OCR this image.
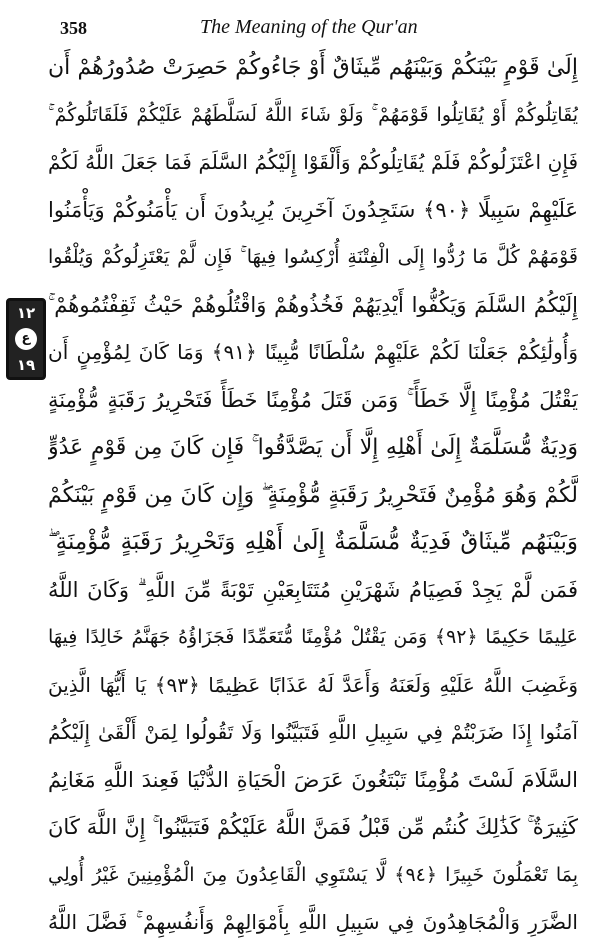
358	The Meaning of the Qur'an
١٢
ع
١٩
إِلَىٰ قَوْمٍ بَيْنَكُمْ وَبَيْنَهُم مِّيثَاقٌ أَوْ جَاءُوكُمْ حَصِرَتْ صُدُورُهُمْ أَن
يُقَاتِلُوكُمْ أَوْ يُقَاتِلُوا قَوْمَهُمْ ۚ وَلَوْ شَاءَ اللَّهُ لَسَلَّطَهُمْ عَلَيْكُمْ فَلَقَاتَلُوكُمْ ۚ
فَإِنِ اعْتَزَلُوكُمْ فَلَمْ يُقَاتِلُوكُمْ وَأَلْقَوْا إِلَيْكُمُ السَّلَمَ فَمَا جَعَلَ اللَّهُ لَكُمْ
عَلَيْهِمْ سَبِيلًا ﴿٩٠﴾ سَتَجِدُونَ آخَرِينَ يُرِيدُونَ أَن يَأْمَنُوكُمْ وَيَأْمَنُوا
قَوْمَهُمْ كُلَّ مَا رُدُّوا إِلَى الْفِتْنَةِ أُرْكِسُوا فِيهَا ۚ فَإِن لَّمْ يَعْتَزِلُوكُمْ وَيُلْقُوا
إِلَيْكُمُ السَّلَمَ وَيَكُفُّوا أَيْدِيَهُمْ فَخُذُوهُمْ وَاقْتُلُوهُمْ حَيْثُ ثَقِفْتُمُوهُمْ ۚ
وَأُولَٰئِكُمْ جَعَلْنَا لَكُمْ عَلَيْهِمْ سُلْطَانًا مُّبِينًا ﴿٩١﴾ وَمَا كَانَ لِمُؤْمِنٍ أَن
يَقْتُلَ مُؤْمِنًا إِلَّا خَطَأً ۚ وَمَن قَتَلَ مُؤْمِنًا خَطَأً فَتَحْرِيرُ رَقَبَةٍ مُّؤْمِنَةٍ
وَدِيَةٌ مُّسَلَّمَةٌ إِلَىٰ أَهْلِهِ إِلَّا أَن يَصَّدَّقُوا ۚ فَإِن كَانَ مِن قَوْمٍ عَدُوٍّ
لَّكُمْ وَهُوَ مُؤْمِنٌ فَتَحْرِيرُ رَقَبَةٍ مُّؤْمِنَةٍ ۖ وَإِن كَانَ مِن قَوْمٍ بَيْنَكُمْ
وَبَيْنَهُم مِّيثَاقٌ فَدِيَةٌ مُّسَلَّمَةٌ إِلَىٰ أَهْلِهِ وَتَحْرِيرُ رَقَبَةٍ مُّؤْمِنَةٍ ۖ
فَمَن لَّمْ يَجِدْ فَصِيَامُ شَهْرَيْنِ مُتَتَابِعَيْنِ تَوْبَةً مِّنَ اللَّهِ ۗ وَكَانَ اللَّهُ
عَلِيمًا حَكِيمًا ﴿٩٢﴾ وَمَن يَقْتُلْ مُؤْمِنًا مُّتَعَمِّدًا فَجَزَاؤُهُ جَهَنَّمُ خَالِدًا فِيهَا
وَغَضِبَ اللَّهُ عَلَيْهِ وَلَعَنَهُ وَأَعَدَّ لَهُ عَذَابًا عَظِيمًا ﴿٩٣﴾ يَا أَيُّهَا الَّذِينَ
آمَنُوا إِذَا ضَرَبْتُمْ فِي سَبِيلِ اللَّهِ فَتَبَيَّنُوا وَلَا تَقُولُوا لِمَنْ أَلْقَىٰ إِلَيْكُمُ
السَّلَامَ لَسْتَ مُؤْمِنًا تَبْتَغُونَ عَرَضَ الْحَيَاةِ الدُّنْيَا فَعِندَ اللَّهِ مَغَانِمُ
كَثِيرَةٌ ۚ كَذَٰلِكَ كُنتُم مِّن قَبْلُ فَمَنَّ اللَّهُ عَلَيْكُمْ فَتَبَيَّنُوا ۚ إِنَّ اللَّهَ كَانَ
بِمَا تَعْمَلُونَ خَبِيرًا ﴿٩٤﴾ لَّا يَسْتَوِي الْقَاعِدُونَ مِنَ الْمُؤْمِنِينَ غَيْرُ أُولِي
الضَّرَرِ وَالْمُجَاهِدُونَ فِي سَبِيلِ اللَّهِ بِأَمْوَالِهِمْ وَأَنفُسِهِمْ ۚ فَضَّلَ اللَّهُ
